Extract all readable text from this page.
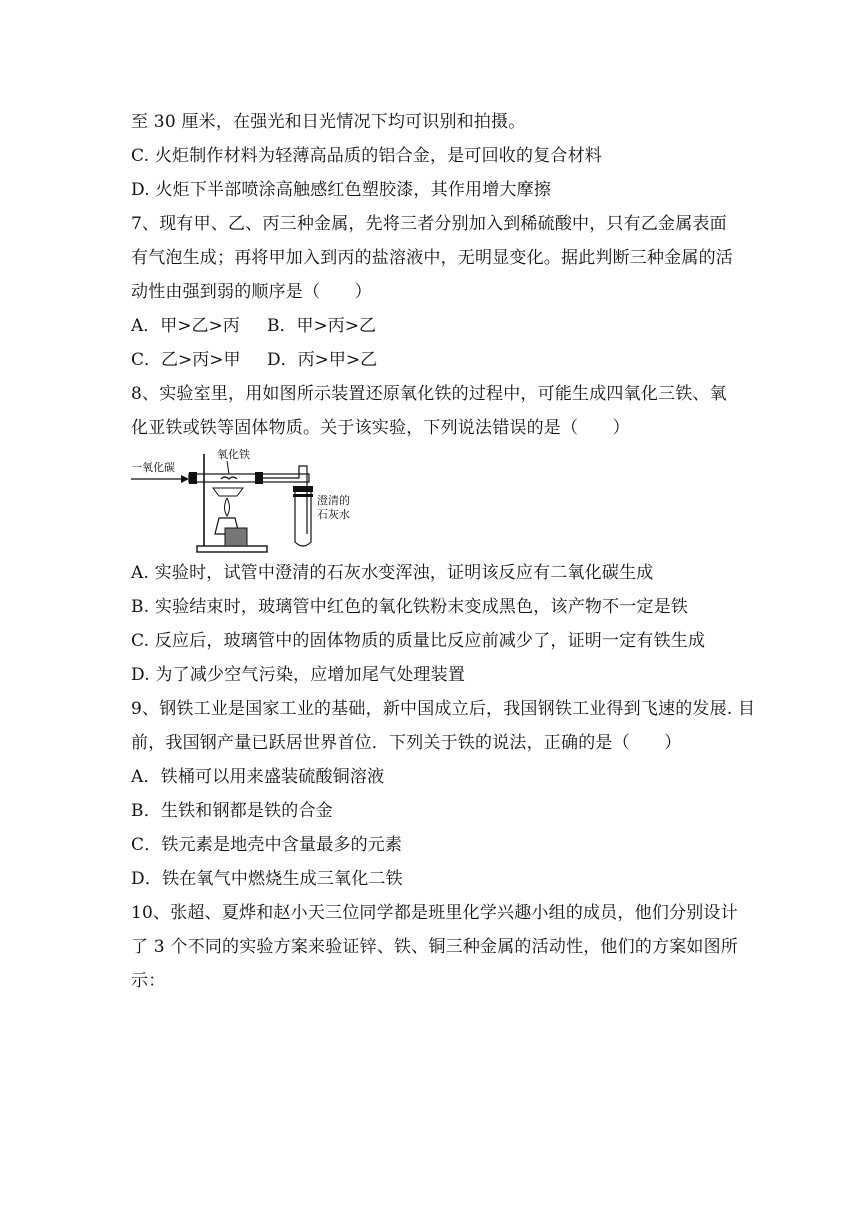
至 30 厘米，在强光和日光情况下均可识别和拍摄。
C. 火炬制作材料为轻薄高品质的铝合金，是可回收的复合材料
D. 火炬下半部喷涂高触感红色塑胶漆，其作用增大摩擦
7、现有甲、乙、丙三种金属，先将三者分别加入到稀硫酸中，只有乙金属表面
有气泡生成；再将甲加入到丙的盐溶液中，无明显变化。据此判断三种金属的活
动性由强到弱的顺序是（　　）
A．甲>乙>丙 B．甲>丙>乙
C．乙>丙>甲 D．丙>甲>乙
8、实验室里，用如图所示装置还原氧化铁的过程中，可能生成四氧化三铁、氧
化亚铁或铁等固体物质。关于该实验，下列说法错误的是（　　）
一氧化碳
氧化铁
澄清的
石灰水
A. 实验时，试管中澄清的石灰水变浑浊，证明该反应有二氧化碳生成
B. 实验结束时，玻璃管中红色的氧化铁粉末变成黑色，该产物不一定是铁
C. 反应后，玻璃管中的固体物质的质量比反应前减少了，证明一定有铁生成
D. 为了减少空气污染，应增加尾气处理装置
9、钢铁工业是国家工业的基础，新中国成立后，我国钢铁工业得到飞速的发展. 目
前，我国钢产量已跃居世界首位．下列关于铁的说法，正确的是（　　）
A．铁桶可以用来盛装硫酸铜溶液
B．生铁和钢都是铁的合金
C．铁元素是地壳中含量最多的元素
D．铁在氧气中燃烧生成三氧化二铁
10、张超、夏烨和赵小天三位同学都是班里化学兴趣小组的成员，他们分别设计
了 3 个不同的实验方案来验证锌、铁、铜三种金属的活动性，他们的方案如图所
示：
